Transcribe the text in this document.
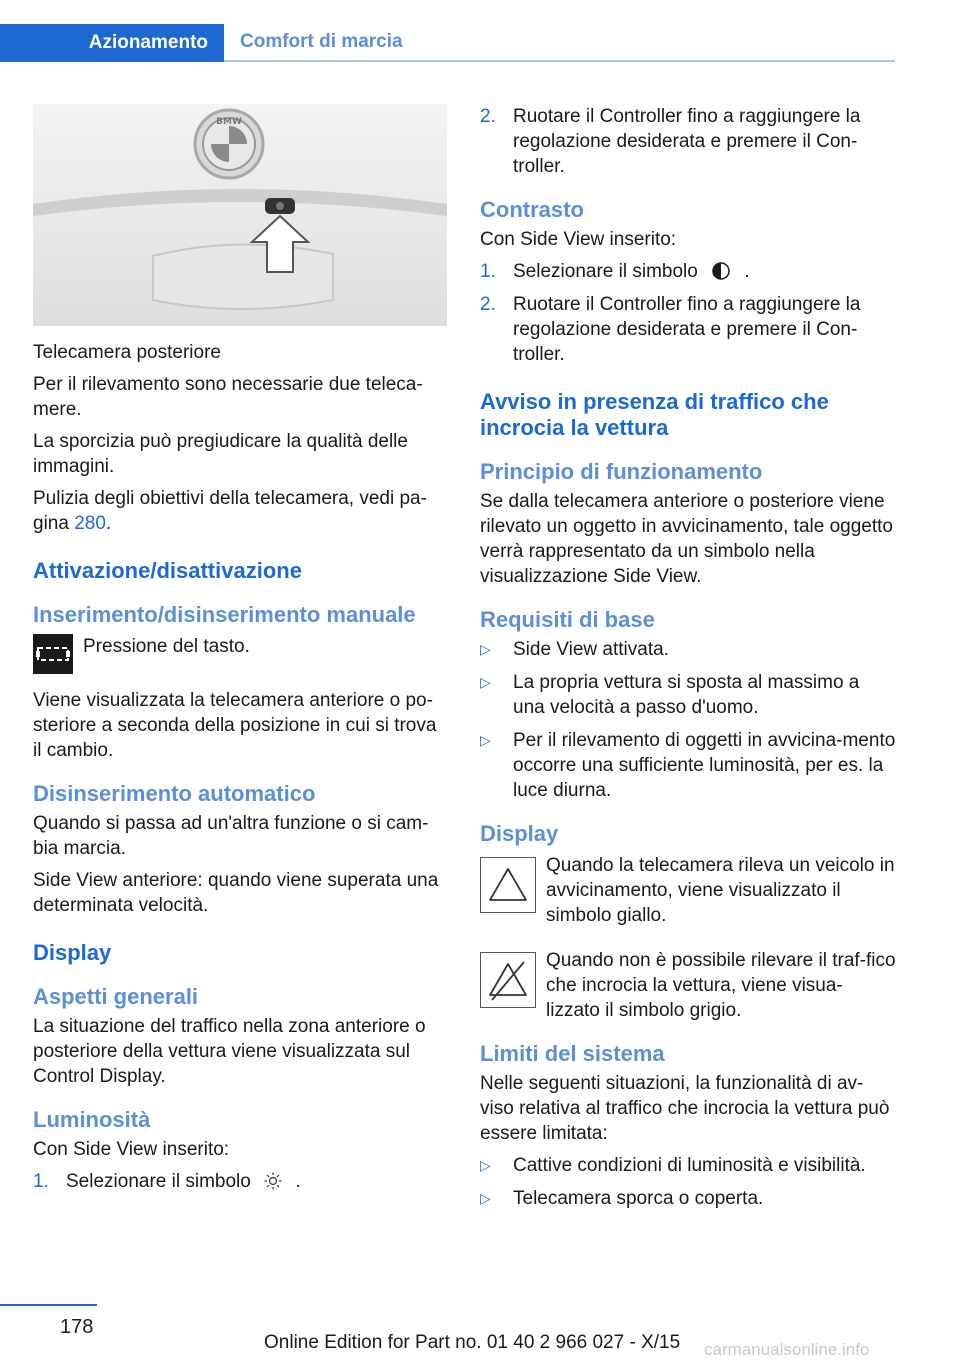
Azionamento	Comfort di marcia
BMW

Telecamera posteriore

Per il rilevamento sono necessarie due teleca-mere.

La sporcizia può pregiudicare la qualità delle immagini.

Pulizia degli obiettivi della telecamera, vedi pa-gina 280.

Attivazione/disattivazione
Inserimento/disinserimento manuale

Pressione del tasto.

Viene visualizzata la telecamera anteriore o po-steriore a seconda della posizione in cui si trova il cambio.

Disinserimento automatico

Quando si passa ad un'altra funzione o si cam-bia marcia.

Side View anteriore: quando viene superata una determinata velocità.

Display
Aspetti generali

La situazione del traffico nella zona anteriore o posteriore della vettura viene visualizzata sul Control Display.

Luminosità

Con Side View inserito:

1. Selezionare il simbolo .
2. Ruotare il Controller fino a raggiungere la regolazione desiderata e premere il Con-troller.
Contrasto

Con Side View inserito:

1. Selezionare il simbolo .
2. Ruotare il Controller fino a raggiungere la regolazione desiderata e premere il Con-troller.
Avviso in presenza di traffico che incrocia la vettura
Principio di funzionamento

Se dalla telecamera anteriore o posteriore viene rilevato un oggetto in avvicinamento, tale oggetto verrà rappresentato da un simbolo nella visualizzazione Side View.

Requisiti di base
▷	Side View attivata.
▷	La propria vettura si sposta al massimo a una velocità a passo d'uomo.
▷	Per il rilevamento di oggetti in avvicina-mento occorre una sufficiente luminosità, per es. la luce diurna.
Display

Quando la telecamera rileva un veicolo in avvicinamento, viene visualizzato il simbolo giallo.

Quando non è possibile rilevare il traf-fico che incrocia la vettura, viene visua-lizzato il simbolo grigio.

Limiti del sistema

Nelle seguenti situazioni, la funzionalità di av-viso relativa al traffico che incrocia la vettura può essere limitata:

▷	Cattive condizioni di luminosità e visibilità.
▷	Telecamera sporca o coperta.
178
Online Edition for Part no. 01 40 2 966 027 - X/15 carmanualsonline.info
